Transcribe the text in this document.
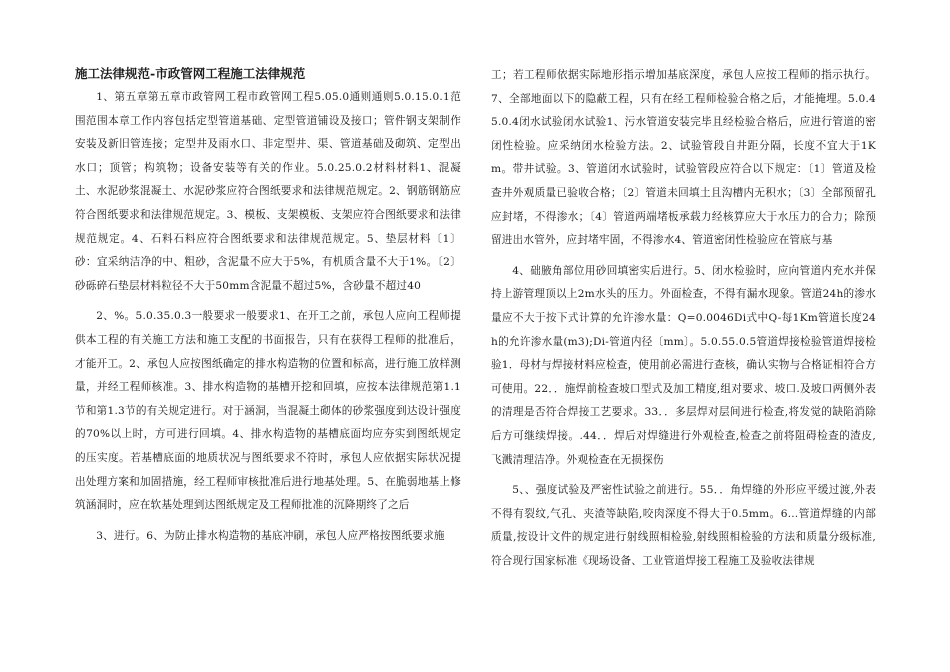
施工法律规范-市政管网工程施工法律规范

1、第五章第五章市政管网工程市政管网工程5.05.0通则通则5.0.15.0.1范围范围本章工作内容包括定型管道基础、定型管道铺设及接口；管件钢支架制作安装及新旧管连接；定型井及雨水口、非定型井、渠、管道基础及砌筑、定型出水口；顶管；构筑物；设备安装等有关的作业。5.0.25.0.2材料材料1、混凝土、水泥砂浆混凝土、水泥砂浆应符合图纸要求和法律规范规定。2、钢筋钢筋应符合图纸要求和法律规范规定。3、模板、支架模板、支架应符合图纸要求和法律规范规定。4、石料石料应符合图纸要求和法律规范规定。5、垫层材料〔1〕砂：宜采纳洁净的中、粗砂，含泥量不应大于5%，有机质含量不大于1%。〔2〕砂砾碎石垫层材料粒径不大于50mm含泥量不超过5%，含砂量不超过40

2、%。5.0.35.0.3一般要求一般要求1、在开工之前，承包人应向工程师提供本工程的有关施工方法和施工支配的书面报告，只有在获得工程师的批准后，才能开工。2、承包人应按图纸确定的排水构造物的位置和标高，进行施工放样测量，并经工程师核准。3、排水构造物的基槽开挖和回填，应按本法律规范第1.1节和第1.3节的有关规定进行。对于涵洞，当混凝土砌体的砂浆强度到达设计强度的70%以上时，方可进行回填。4、排水构造物的基槽底面均应夯实到图纸规定的压实度。若基槽底面的地质状况与图纸要求不符时，承包人应依据实际状况提出处理方案和加固措施，经工程师审核批准后进行地基处理。5、在脆弱地基上修筑涵洞时，应在软基处理到达图纸规定及工程师批准的沉降期终了之后

3、进行。6、为防止排水构造物的基底冲刷，承包人应严格按图纸要求施

工；若工程师依据实际地形指示增加基底深度，承包人应按工程师的指示执行。7、全部地面以下的隐蔽工程，只有在经工程师检验合格之后，才能掩埋。5.0.45.0.4闭水试验闭水试验1、污水管道安装完毕且经检验合格后，应进行管道的密闭性检验。应采纳闭水检验方法。2、试验管段自井距分隔，长度不宜大于1Km。带井试验。3、管道闭水试验时，试验管段应符合以下规定：〔1〕管道及检查井外观质量已验收合格；〔2〕管道未回填土且沟槽内无积水；〔3〕全部预留孔应封堵，不得渗水；〔4〕管道两端堵板承载力经核算应大于水压力的合力；除预留进出水管外，应封堵牢固，不得渗水4、管道密闭性检验应在管底与基

4、础腋角部位用砂回填密实后进行。5、闭水检验时，应向管道内充水并保持上游管理顶以上2m水头的压力。外面检查，不得有漏水现象。管道24h的渗水量应不大于按下式计算的允许渗水量：Q=0.0046Di式中Q-每1Km管道长度24h的允许渗水量(m3);Di-管道内径〔mm〕。5.0.55.0.5管道焊接检验管道焊接检验1．母材与焊接材料应检查，使用前必需进行查核，确认实物与合格证相符合方可使用。22．．施焊前检查坡口型式及加工精度,组对要求、坡口.及坡口两侧外表的清理是否符合焊接工艺要求。33．．多层焊对层间进行检查,将发觉的缺陷消除后方可继续焊接。.44．．焊后对焊缝进行外观检查,检查之前将阻碍检查的渣皮,飞溅清理洁净。外观检查在无损探伤

5、、强度试验及严密性试验之前进行。55．．角焊缝的外形应平缓过渡,外表不得有裂纹,气孔、夹渣等缺陷,咬肉深度不得大于0.5mm。6…管道焊缝的内部质量,按设计文件的规定进行射线照相检验,射线照相检验的方法和质量分级标准,符合现行国家标准《现场设备、工业管道焊接工程施工及验收法律规
